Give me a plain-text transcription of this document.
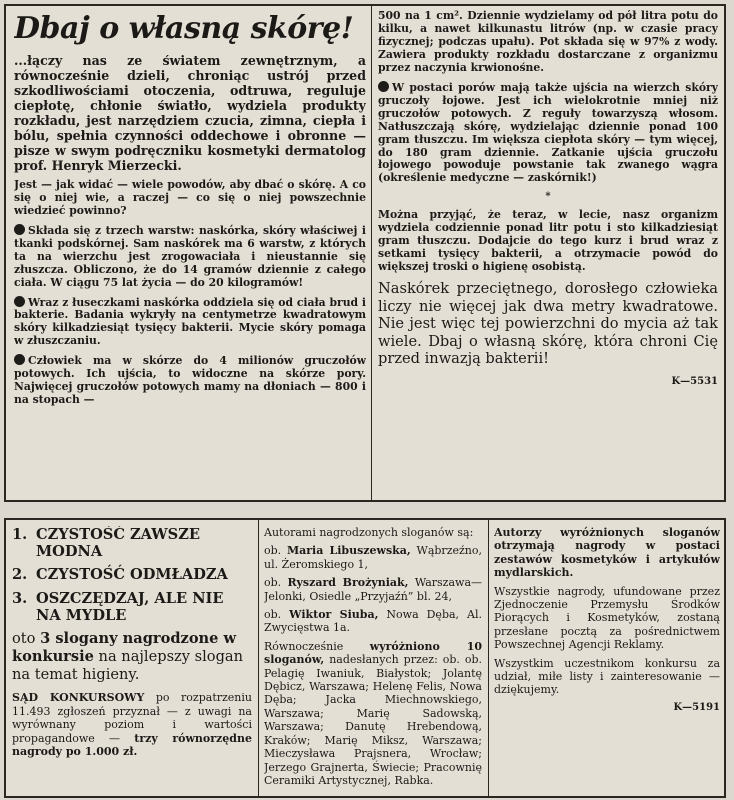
Dbaj o własną skórę!

...łączy nas ze światem zewnętrznym, a równocześnie dzieli, chroniąc ustrój przed szkodliwościami otoczenia, odtruwa, reguluje ciepłotę, chłonie światło, wydziela produkty rozkładu, jest narzędziem czucia, zimna, ciepła i bólu, spełnia czynności oddechowe i obronne — pisze w swym podręczniku kosmetyki dermatolog prof. Henryk Mierzecki.

Jest — jak widać — wiele powodów, aby dbać o skórę. A co się o niej wie, a raczej — co się o niej powszechnie wiedzieć powinno?

Składa się z trzech warstw: naskórka, skóry właściwej i tkanki podskórnej. Sam naskórek ma 6 warstw, z których ta na wierzchu jest zrogowaciała i nieustannie się złuszcza. Obliczono, że do 14 gramów dziennie z całego ciała. W ciągu 75 lat życia — do 20 kilogramów!

Wraz z łuseczkami naskórka oddziela się od ciała brud i bakterie. Badania wykryły na centymetrze kwadratowym skóry kilkadziesiąt tysięcy bakterii. Mycie skóry pomaga w złuszczaniu.

Człowiek ma w skórze do 4 milionów gruczołów potowych. Ich ujścia, to widoczne na skórze pory. Najwięcej gruczołów potowych mamy na dłoniach — 800 i na stopach —

500 na 1 cm². Dziennie wydzielamy od pół litra potu do kilku, a nawet kilkunastu litrów (np. w czasie pracy fizycznej; podczas upału). Pot składa się w 97% z wody. Zawiera produkty rozkładu dostarczane z organizmu przez naczynia krwionośne.

W postaci porów mają także ujścia na wierzch skóry gruczoły łojowe. Jest ich wielokrotnie mniej niż gruczołów potowych. Z reguły towarzyszą włosom. Natłuszczają skórę, wydzielając dziennie ponad 100 gram tłuszczu. Im większa ciepłota skóry — tym więcej, do 180 gram dziennie. Zatkanie ujścia gruczołu łojowego powoduje powstanie tak zwanego wągra (określenie medyczne — zaskórnik!)

*

Można przyjąć, że teraz, w lecie, nasz organizm wydziela codziennie ponad litr potu i sto kilkadziesiąt gram tłuszczu. Dodajcie do tego kurz i brud wraz z setkami tysięcy bakterii, a otrzymacie powód do większej troski o higienę osobistą.

Naskórek przeciętnego, dorosłego człowieka liczy nie więcej jak dwa metry kwadratowe. Nie jest więc tej powierzchni do mycia aż tak wiele. Dbaj o własną skórę, która chroni Cię przed inwazją bakterii!

K—5531
1. CZYSTOŚĆ ZAWSZE MODNA
2. CZYSTOŚĆ ODMŁADZA
3. OSZCZĘDZAJ, ALE NIE NA MYDLE

oto 3 slogany nagrodzone w konkursie na najlepszy slogan na temat higieny.

SĄD KONKURSOWY po rozpatrzeniu 11.493 zgłoszeń przyznał — z uwagi na wyrównany poziom i wartości propagandowe — trzy równorzędne nagrody po 1.000 zł.

Autorami nagrodzonych sloganów są:

ob. Maria Libuszewska, Wąbrzeźno, ul. Żeromskiego 1,

ob. Ryszard Brożyniak, Warszawa—Jelonki, Osiedle „Przyjaźń” bl. 24,

ob. Wiktor Siuba, Nowa Dęba, Al. Zwycięstwa 1a.

Równocześnie wyróżniono 10 sloganów, nadesłanych przez: ob. ob. Pelagię Iwaniuk, Białystok; Jolantę Dębicz, Warszawa; Helenę Felis, Nowa Dęba; Jacka Miechnowskiego, Warszawa; Marię Sadowską, Warszawa; Danutę Hrebendową, Kraków; Marię Miksz, Warszawa; Mieczysława Prajsnera, Wrocław; Jerzego Grajnerta, Świecie; Pracownię Ceramiki Artystycznej, Rabka.

Autorzy wyróżnionych sloganów otrzymają nagrody w postaci zestawów kosmetyków i artykułów mydlarskich.

Wszystkie nagrody, ufundowane przez Zjednoczenie Przemysłu Środków Piorących i Kosmetyków, zostaną przesłane pocztą za pośrednictwem Powszechnej Agencji Reklamy.

Wszystkim uczestnikom konkursu za udział, miłe listy i zainteresowanie — dziękujemy.

K—5191
